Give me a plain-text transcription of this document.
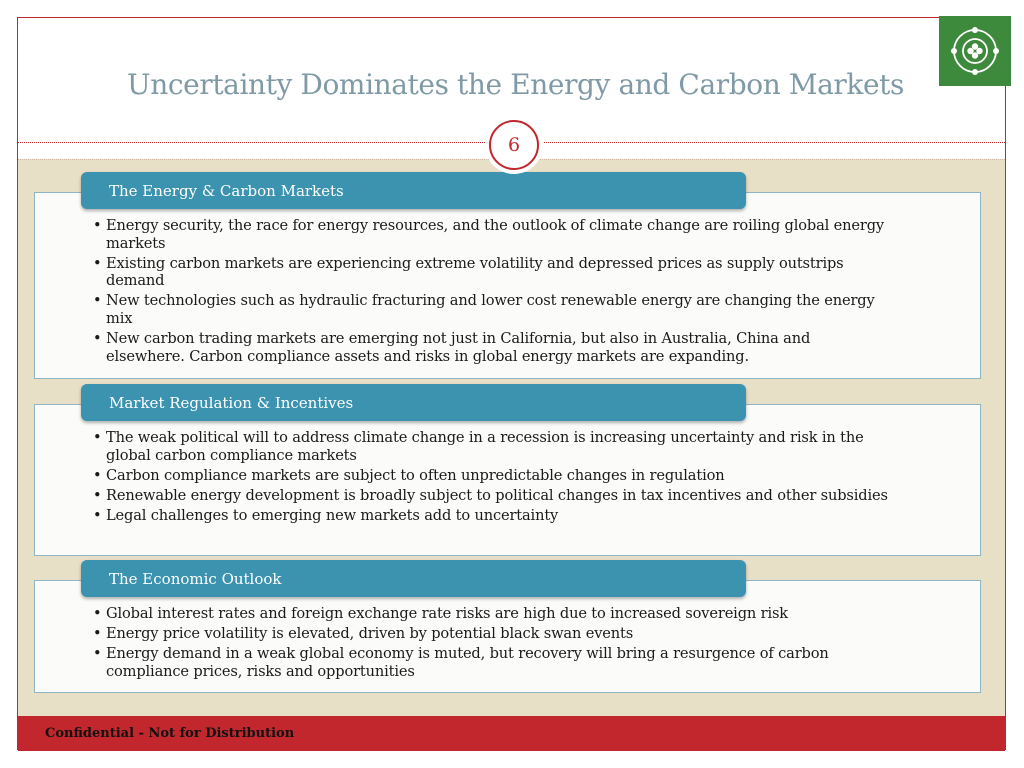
Uncertainty Dominates the Energy and Carbon Markets
• Energy security, the race for energy resources, and the outlook of climate change are roiling global energy markets
• Existing carbon markets are experiencing extreme volatility and depressed prices as supply outstrips demand
• New technologies such as hydraulic fracturing and lower cost renewable energy are changing the energy mix
• New carbon trading markets are emerging not just in California, but also in Australia, China and elsewhere. Carbon compliance assets and risks in global energy markets are expanding.
The Energy & Carbon Markets
• The weak political will to address climate change in a recession is increasing uncertainty and risk in the global carbon compliance markets
• Carbon compliance markets are subject to often unpredictable changes in regulation
• Renewable energy development is broadly subject to political changes in tax incentives and other subsidies
• Legal challenges to emerging new markets add to uncertainty
Market Regulation & Incentives
• Global interest rates and foreign exchange rate risks are high due to increased sovereign risk
• Energy price volatility is elevated, driven by potential black swan events
• Energy demand in a weak global economy is muted, but recovery will bring a resurgence of carbon compliance prices, risks and opportunities
The Economic Outlook
6
Confidential - Not for Distribution
